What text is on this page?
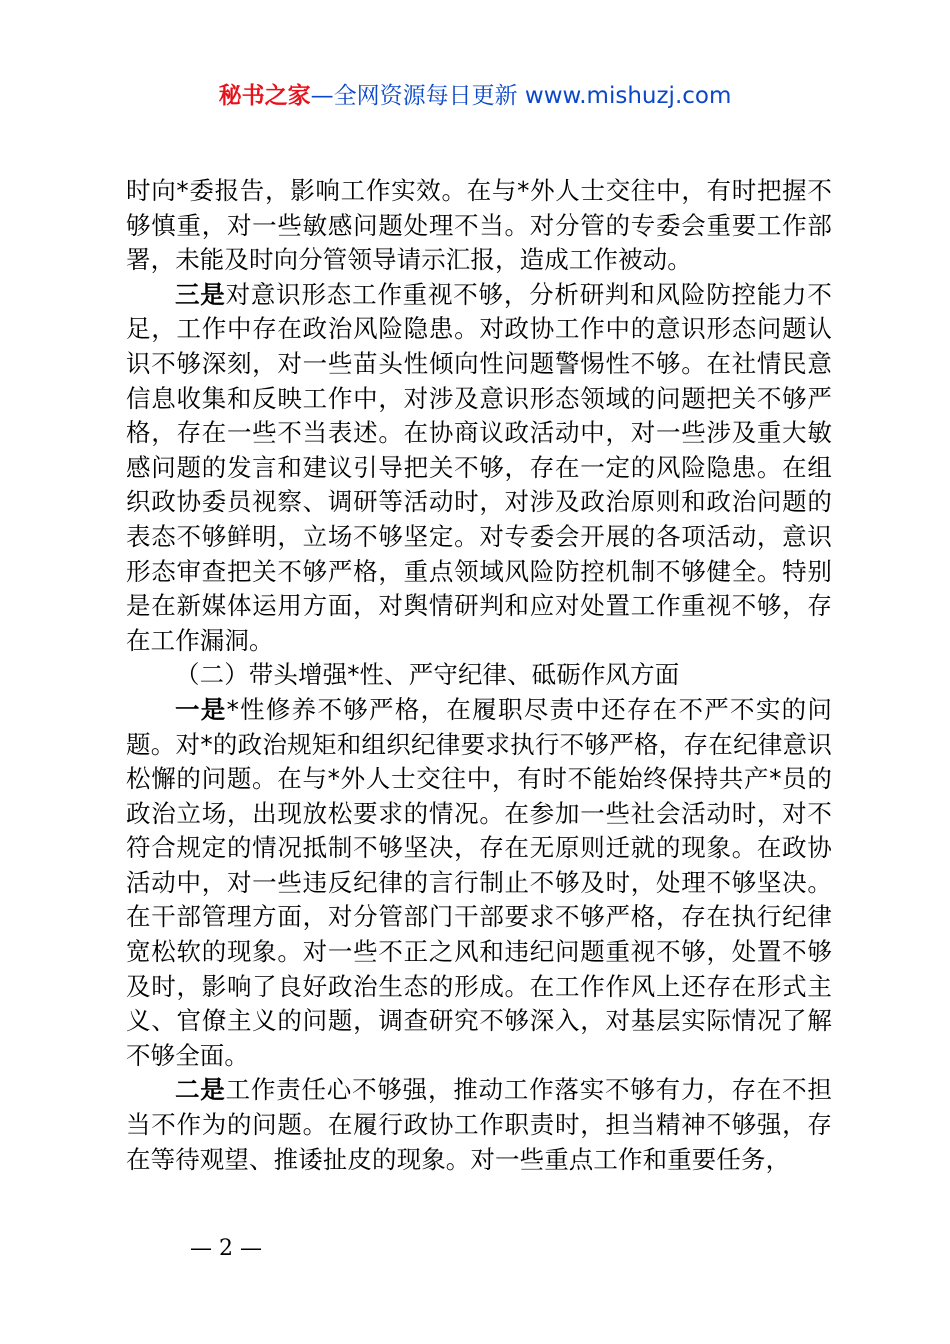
秘书之家—全网资源每日更新 www.mishuzj.com

时向*委报告，影响工作实效。在与*外人士交往中，有时把握不够慎重，对一些敏感问题处理不当。对分管的专委会重要工作部署，未能及时向分管领导请示汇报，造成工作被动。

三是对意识形态工作重视不够，分析研判和风险防控能力不足，工作中存在政治风险隐患。对政协工作中的意识形态问题认识不够深刻，对一些苗头性倾向性问题警惕性不够。在社情民意信息收集和反映工作中，对涉及意识形态领域的问题把关不够严格，存在一些不当表述。在协商议政活动中，对一些涉及重大敏感问题的发言和建议引导把关不够，存在一定的风险隐患。在组织政协委员视察、调研等活动时，对涉及政治原则和政治问题的表态不够鲜明，立场不够坚定。对专委会开展的各项活动，意识形态审查把关不够严格，重点领域风险防控机制不够健全。特别是在新媒体运用方面，对舆情研判和应对处置工作重视不够，存在工作漏洞。

（二）带头增强*性、严守纪律、砥砺作风方面

一是*性修养不够严格，在履职尽责中还存在不严不实的问题。对*的政治规矩和组织纪律要求执行不够严格，存在纪律意识松懈的问题。在与*外人士交往中，有时不能始终保持共产*员的政治立场，出现放松要求的情况。在参加一些社会活动时，对不符合规定的情况抵制不够坚决，存在无原则迁就的现象。在政协活动中，对一些违反纪律的言行制止不够及时，处理不够坚决。在干部管理方面，对分管部门干部要求不够严格，存在执行纪律宽松软的现象。对一些不正之风和违纪问题重视不够，处置不够及时，影响了良好政治生态的形成。在工作作风上还存在形式主义、官僚主义的问题，调查研究不够深入，对基层实际情况了解不够全面。

二是工作责任心不够强，推动工作落实不够有力，存在不担当不作为的问题。在履行政协工作职责时，担当精神不够强，存在等待观望、推诿扯皮的现象。对一些重点工作和重要任务，

— 2 —
